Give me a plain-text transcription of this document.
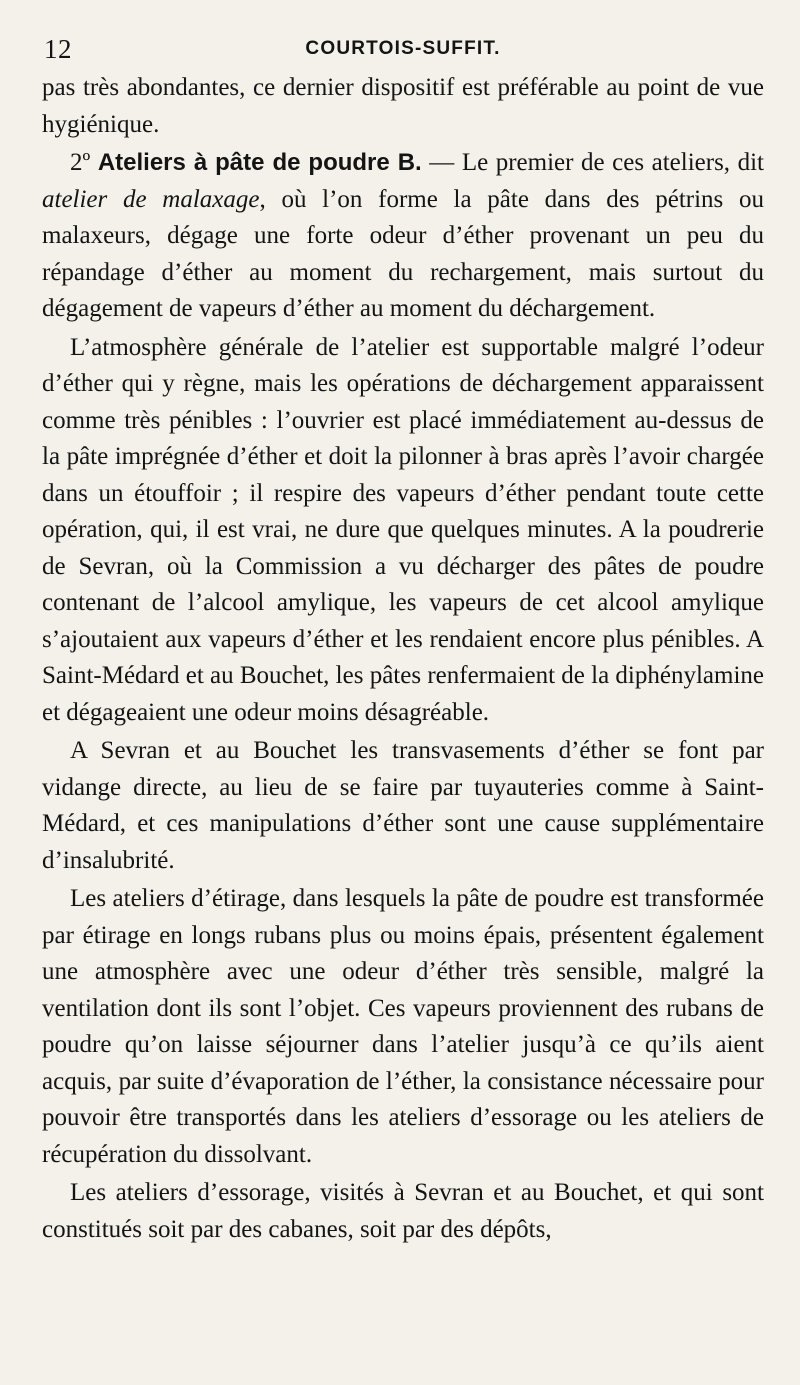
12	COURTOIS-SUFFIT.

pas très abondantes, ce dernier dispositif est préférable au point de vue hygiénique.

2º Ateliers à pâte de poudre B. — Le premier de ces ateliers, dit atelier de malaxage, où l’on forme la pâte dans des pétrins ou malaxeurs, dégage une forte odeur d’éther provenant un peu du répandage d’éther au moment du rechargement, mais surtout du dégagement de vapeurs d’éther au moment du déchargement.

L’atmosphère générale de l’atelier est supportable malgré l’odeur d’éther qui y règne, mais les opérations de déchargement apparaissent comme très pénibles : l’ouvrier est placé immédiatement au-dessus de la pâte imprégnée d’éther et doit la pilonner à bras après l’avoir chargée dans un étouffoir ; il respire des vapeurs d’éther pendant toute cette opération, qui, il est vrai, ne dure que quelques minutes. A la poudrerie de Sevran, où la Commission a vu décharger des pâtes de poudre contenant de l’alcool amylique, les vapeurs de cet alcool amylique s’ajoutaient aux vapeurs d’éther et les rendaient encore plus pénibles. A Saint-Médard et au Bouchet, les pâtes renfermaient de la diphénylamine et dégageaient une odeur moins désagréable.

A Sevran et au Bouchet les transvasements d’éther se font par vidange directe, au lieu de se faire par tuyauteries comme à Saint-Médard, et ces manipulations d’éther sont une cause supplémentaire d’insalubrité.

Les ateliers d’étirage, dans lesquels la pâte de poudre est transformée par étirage en longs rubans plus ou moins épais, présentent également une atmosphère avec une odeur d’éther très sensible, malgré la ventilation dont ils sont l’objet. Ces vapeurs proviennent des rubans de poudre qu’on laisse séjourner dans l’atelier jusqu’à ce qu’ils aient acquis, par suite d’évaporation de l’éther, la consistance nécessaire pour pouvoir être transportés dans les ateliers d’essorage ou les ateliers de récupération du dissolvant.

Les ateliers d’essorage, visités à Sevran et au Bouchet, et qui sont constitués soit par des cabanes, soit par des dépôts,
